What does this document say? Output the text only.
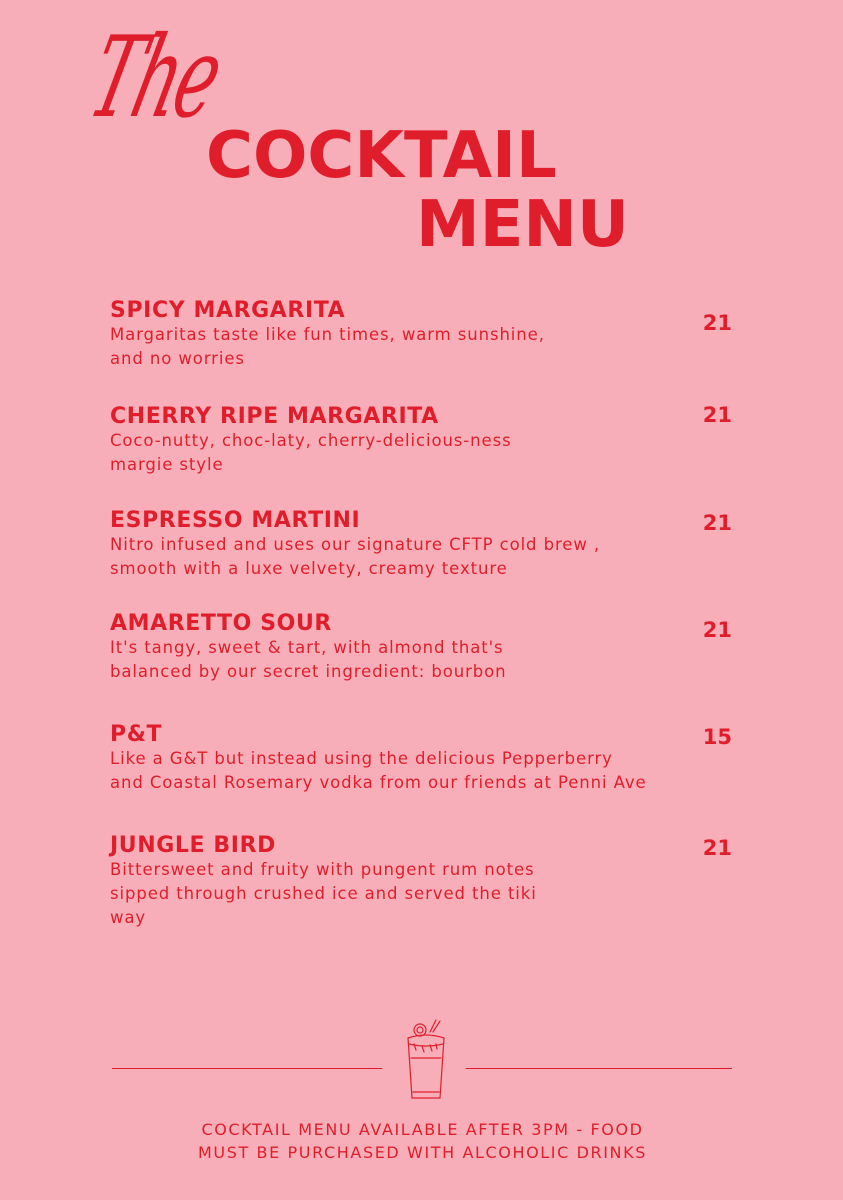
The
COCKTAIL
MENU
SPICY MARGARITA
Margaritas taste like fun times, warm sunshine,
and no worries
21
CHERRY RIPE MARGARITA
Coco-nutty, choc-laty, cherry-delicious-ness
margie style
21
ESPRESSO MARTINI
Nitro infused and uses our signature CFTP cold brew ,
smooth with a luxe velvety, creamy texture
21
AMARETTO SOUR
It's tangy, sweet & tart, with almond that's
balanced by our secret ingredient: bourbon
21
P&T
Like a G&T but instead using the delicious Pepperberry
and Coastal Rosemary vodka from our friends at Penni Ave
15
JUNGLE BIRD
Bittersweet and fruity with pungent rum notes
sipped through crushed ice and served the tiki
way
21
COCKTAIL MENU AVAILABLE AFTER 3PM - FOOD
MUST BE PURCHASED WITH ALCOHOLIC DRINKS
